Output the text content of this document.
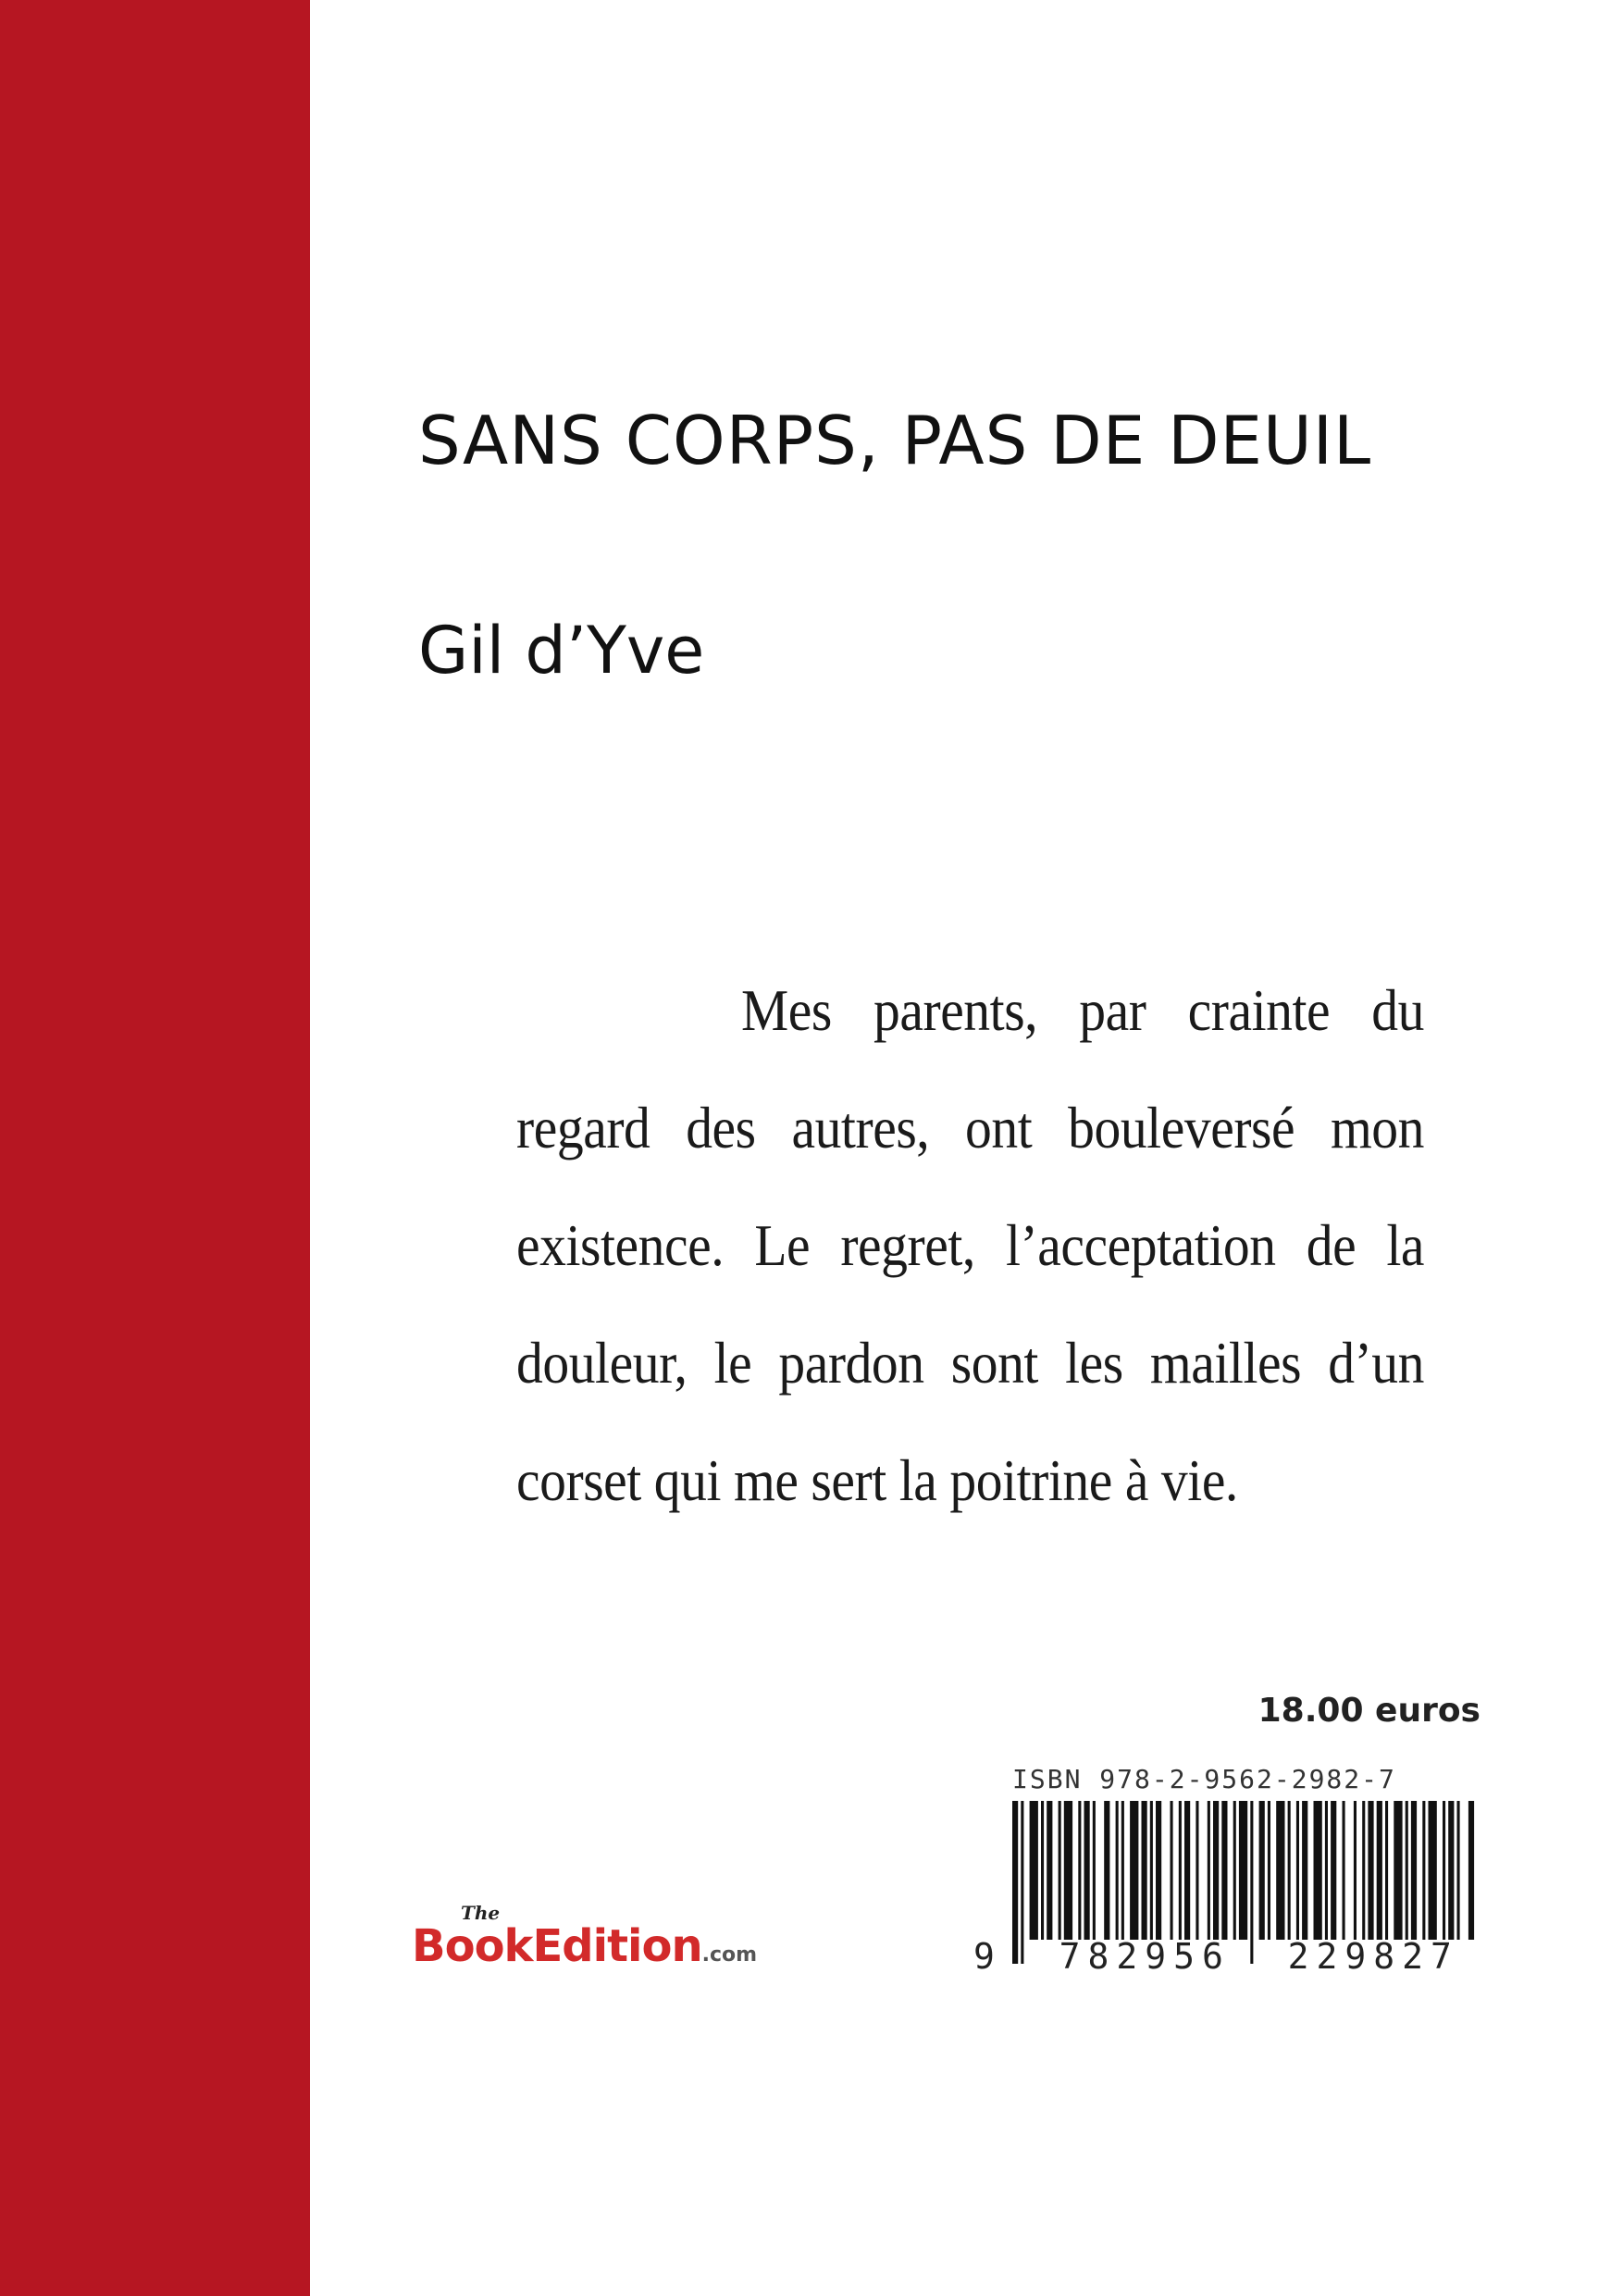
SANS CORPS, PAS DE DEUIL
Gil d’Yve
Mes parents, par crainte du regard des autres, ont bouleversé mon existence. Le regret, l’acceptation de la douleur, le pardon sont les mailles d’un corset qui me sert la poitrine à vie.
18.00 euros
ISBN 978-2-9562-2982-7
9  782956  229827
The
BookEdition.com
